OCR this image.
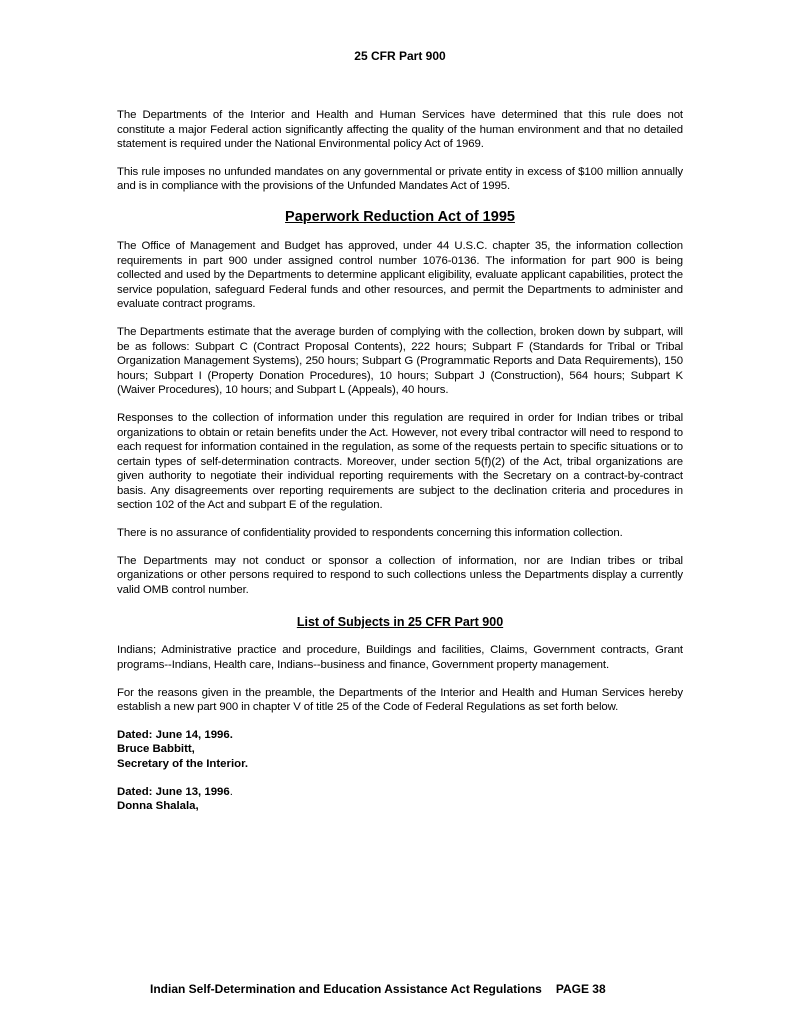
25 CFR Part 900

The Departments of the Interior and Health and Human Services have determined that this rule does not constitute a major Federal action significantly affecting the quality of the human environment and that no detailed statement is required under the National Environmental policy Act of 1969.

This rule imposes no unfunded mandates on any governmental or private entity in excess of $100 million annually and is in compliance with the provisions of the Unfunded Mandates Act of 1995.

Paperwork Reduction Act of 1995

The Office of Management and Budget has approved, under 44 U.S.C. chapter 35, the information collection requirements in part 900 under assigned control number 1076-0136. The information for part 900 is being collected and used by the Departments to determine applicant eligibility, evaluate applicant capabilities, protect the service population, safeguard Federal funds and other resources, and permit the Departments to administer and evaluate contract programs.

The Departments estimate that the average burden of complying with the collection, broken down by subpart, will be as follows: Subpart C (Contract Proposal Contents), 222 hours; Subpart F (Standards for Tribal or Tribal Organization Management Systems), 250 hours; Subpart G (Programmatic Reports and Data Requirements), 150 hours; Subpart I (Property Donation Procedures), 10 hours; Subpart J (Construction), 564 hours; Subpart K (Waiver Procedures), 10 hours; and Subpart L (Appeals), 40 hours.

Responses to the collection of information under this regulation are required in order for Indian tribes or tribal organizations to obtain or retain benefits under the Act. However, not every tribal contractor will need to respond to each request for information contained in the regulation, as some of the requests pertain to specific situations or to certain types of self-determination contracts. Moreover, under section 5(f)(2) of the Act, tribal organizations are given authority to negotiate their individual reporting requirements with the Secretary on a contract-by-contract basis. Any disagreements over reporting requirements are subject to the declination criteria and procedures in section 102 of the Act and subpart E of the regulation.

There is no assurance of confidentiality provided to respondents concerning this information collection.

The Departments may not conduct or sponsor a collection of information, nor are Indian tribes or tribal organizations or other persons required to respond to such collections unless the Departments display a currently valid OMB control number.

List of Subjects in 25 CFR Part 900

Indians; Administrative practice and procedure, Buildings and facilities, Claims, Government contracts, Grant programs--Indians, Health care, Indians--business and finance, Government property management.

For the reasons given in the preamble, the Departments of the Interior and Health and Human Services hereby establish a new part 900 in chapter V of title 25 of the Code of Federal Regulations as set forth below.

Dated: June 14, 1996.
Bruce Babbitt,
Secretary of the Interior.
Dated: June 13, 1996.
Donna Shalala,
Indian Self-Determination and Education Assistance Act Regulations PAGE 38
